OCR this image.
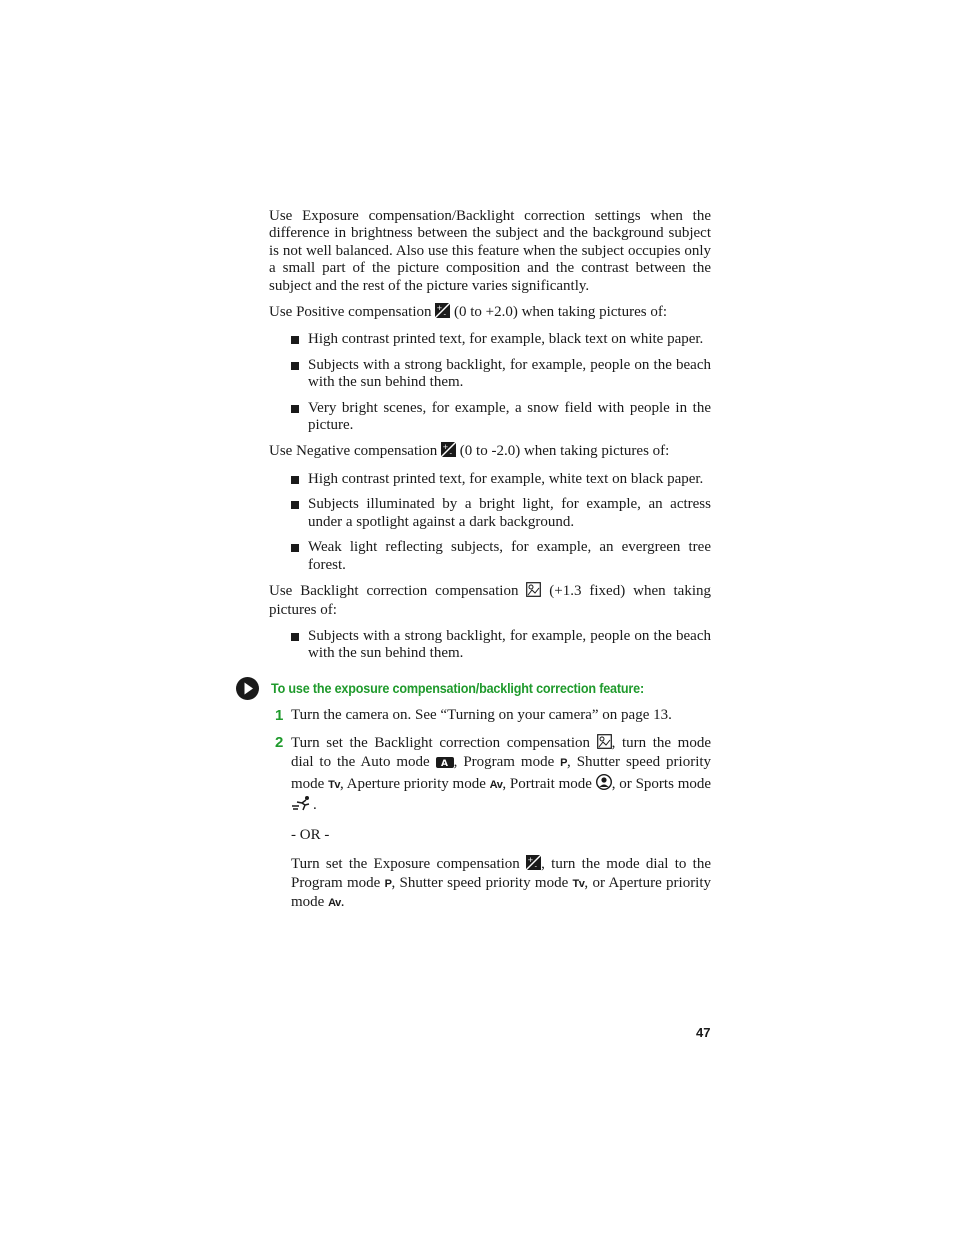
Use Exposure compensation/Backlight correction settings when the difference in brightness between the subject and the background subject is not well balanced. Also use this feature when the subject occupies only a small part of the picture composition and the contrast between the subject and the rest of the picture varies significantly.

Use Positive compensation +
- (0 to +2.0) when taking pictures of:

High contrast printed text, for example, black text on white paper.
Subjects with a strong backlight, for example, people on the beach with the sun behind them.
Very bright scenes, for example, a snow field with people in the picture.

Use Negative compensation +
- (0 to -2.0) when taking pictures of:

High contrast printed text, for example, white text on black paper.
Subjects illuminated by a bright light, for example, an actress under a spotlight against a dark background.
Weak light reflecting subjects, for example, an evergreen tree forest.

Use Backlight correction compensation (+1.3 fixed) when taking pictures of:

Subjects with a strong backlight, for example, people on the beach with the sun behind them.
To use the exposure compensation/backlight correction feature:
1 Turn the camera on. See “Turning on your camera” on page 13.

2 Turn set the Backlight correction compensation , turn the mode dial to the Auto mode A , Program mode P, Shutter speed priority mode Tv, Aperture priority mode Av, Portrait mode , or Sports mode .

- OR -

Turn set the Exposure compensation +
- , turn the mode dial to the Program mode P, Shutter speed priority mode Tv, or Aperture priority mode Av.

47
